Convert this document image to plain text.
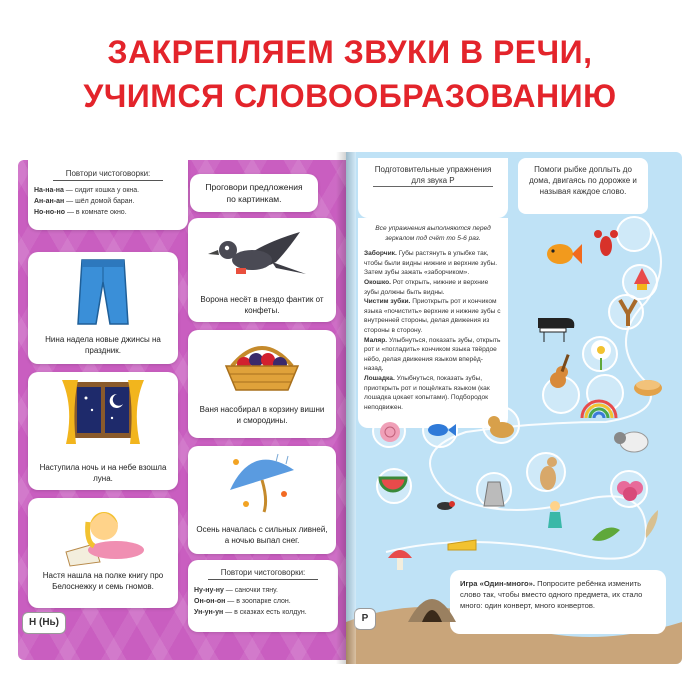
ЗАКРЕПЛЯЕМ ЗВУКИ В РЕЧИ,
УЧИМСЯ СЛОВООБРАЗОВАНИЮ
Повтори чистоговорки:
На-на-на — сидит кошка у окна.
Ан-ан-ан — шёл домой баран.
Но-но-но — в комнате окно.
Проговори предложения по картинкам.
Нина надела новые джинсы на праздник.
Наступила ночь и на небе взошла луна.
Настя нашла на полке книгу про Белоснежку и семь гномов.
Ворона несёт в гнездо фантик от конфеты.
Ваня насобирал в корзину вишни и смородины.
Осень началась с сильных ливней, а ночью выпал снег.
Повтори чистоговорки:
Ну-ну-ну — саночки тяну.
Он-он-он — в зоопарке слон.
Ун-ун-ун — в сказках есть колдун.
Н (Нь)
Подготовительные упражнения для звука Р

Все упражнения выполняются перед зеркалом под счёт то 5-6 раз.

Заборчик. Губы растянуть в улыбке так, чтобы были видны нижние и верхние зубы. Затем зубы зажать «заборчиком».

Окошко. Рот открыть, нижние и верхние зубы должны быть видны.

Чистим зубки. Приоткрыть рот и кончиком языка «почистить» верхние и нижние зубы с внутренней стороны, делая движения из стороны в сторону.

Маляр. Улыбнуться, показать зубы, открыть рот и «погладить» кончиком языка твёрдое нёбо, делая движения языком вперёд-назад.

Лошадка. Улыбнуться, показать зубы, приоткрыть рот и пощёлкать языком (как лошадка цокает копытами). Подбородок неподвижен.

Помоги рыбке доплыть до дома, двигаясь по дорожке и называя каждое слово.
Игра «Один-много». Попросите ребёнка изменить слово так, чтобы вместо одного предмета, их стало много: один конверт, много конвертов.
Р
